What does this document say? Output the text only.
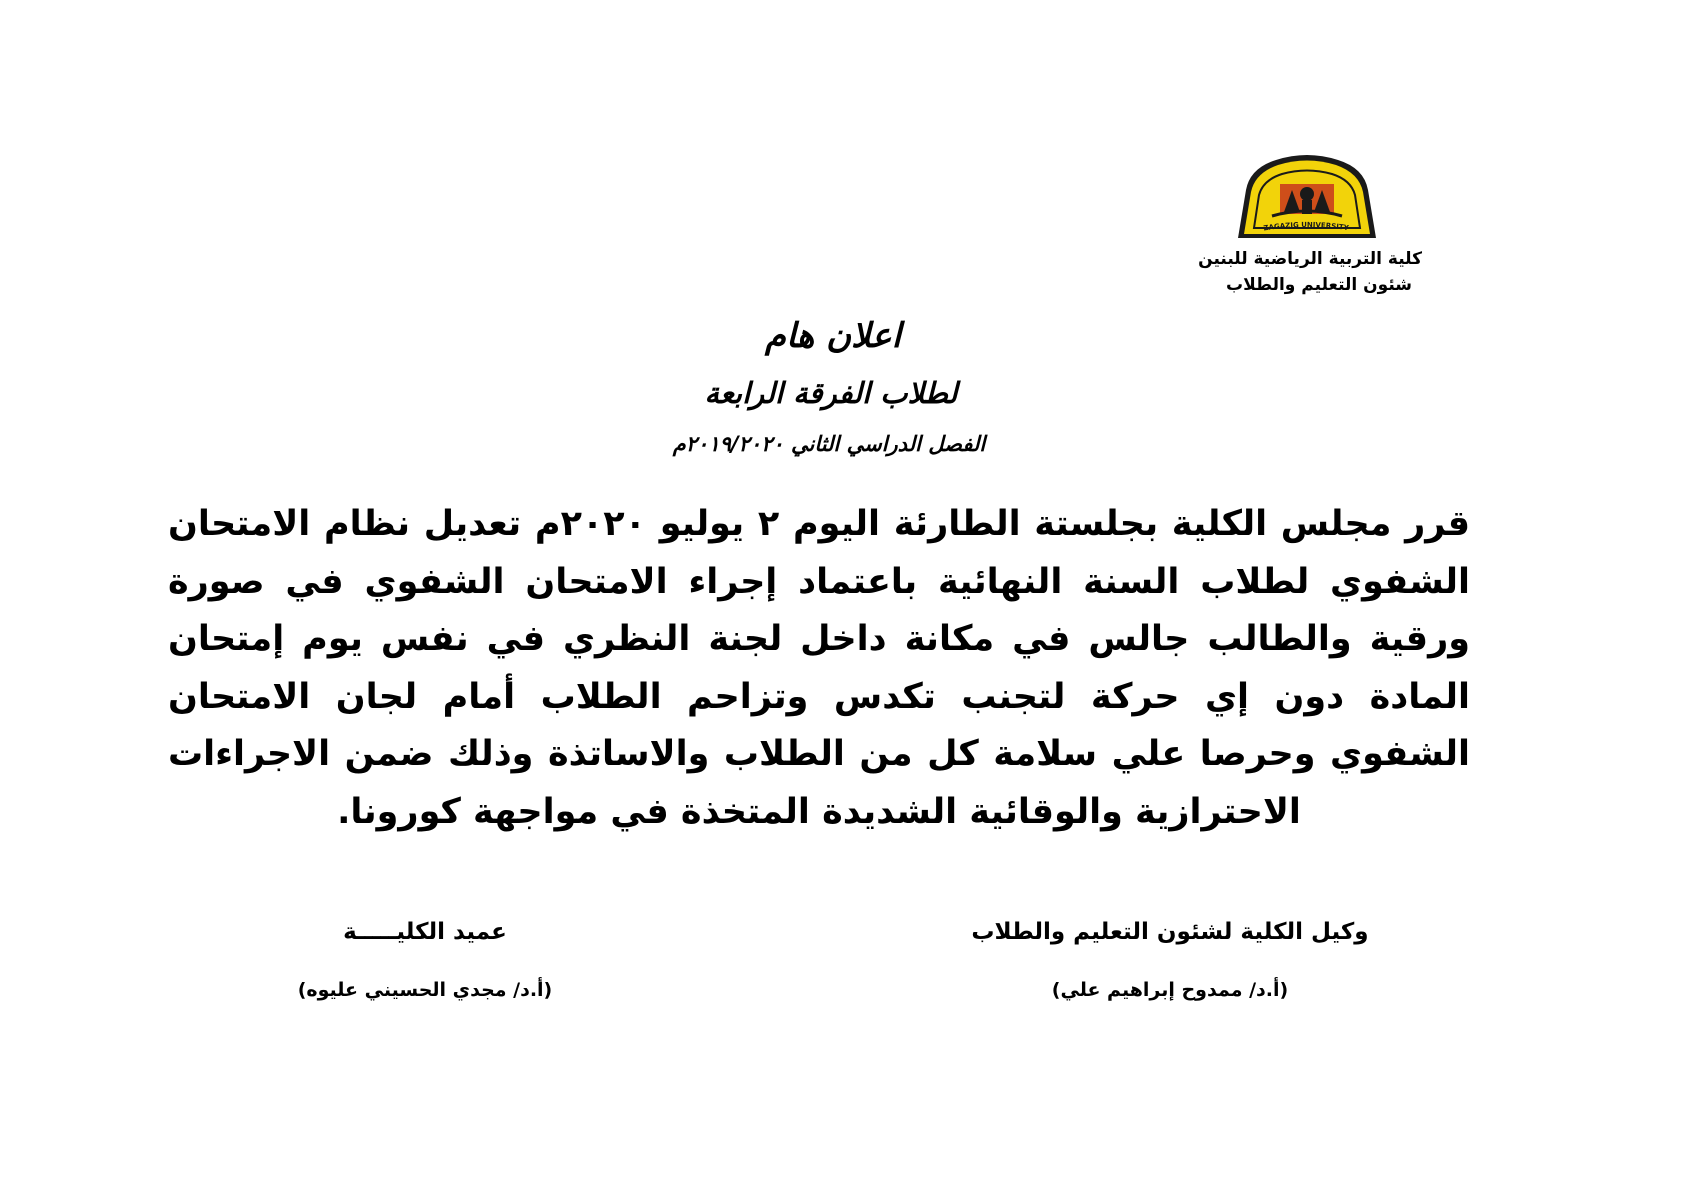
ZAGAZIG UNIVERSITY
كلية التربية الرياضية للبنين
شئون التعليم والطلاب
اعلان هام
لطلاب الفرقة الرابعة
الفصل الدراسي الثاني ٢٠١٩/٢٠٢٠م
قرر مجلس الكلية بجلستة الطارئة اليوم ٢ يوليو ٢٠٢٠م تعديل نظام الامتحان الشفوي لطلاب السنة النهائية باعتماد إجراء الامتحان الشفوي في صورة ورقية والطالب جالس في مكانة داخل لجنة النظري في نفس يوم إمتحان المادة دون إي حركة لتجنب تكدس وتزاحم الطلاب أمام لجان الامتحان الشفوي وحرصا علي سلامة كل من الطلاب والاساتذة وذلك ضمن الاجراءات الاحترازية والوقائية الشديدة المتخذة في مواجهة كورونا.
وكيل الكلية لشئون التعليم والطلاب
(أ.د/ ممدوح إبراهيم علي)
عميد الكليـــــة
(أ.د/ مجدي الحسيني عليوه)
